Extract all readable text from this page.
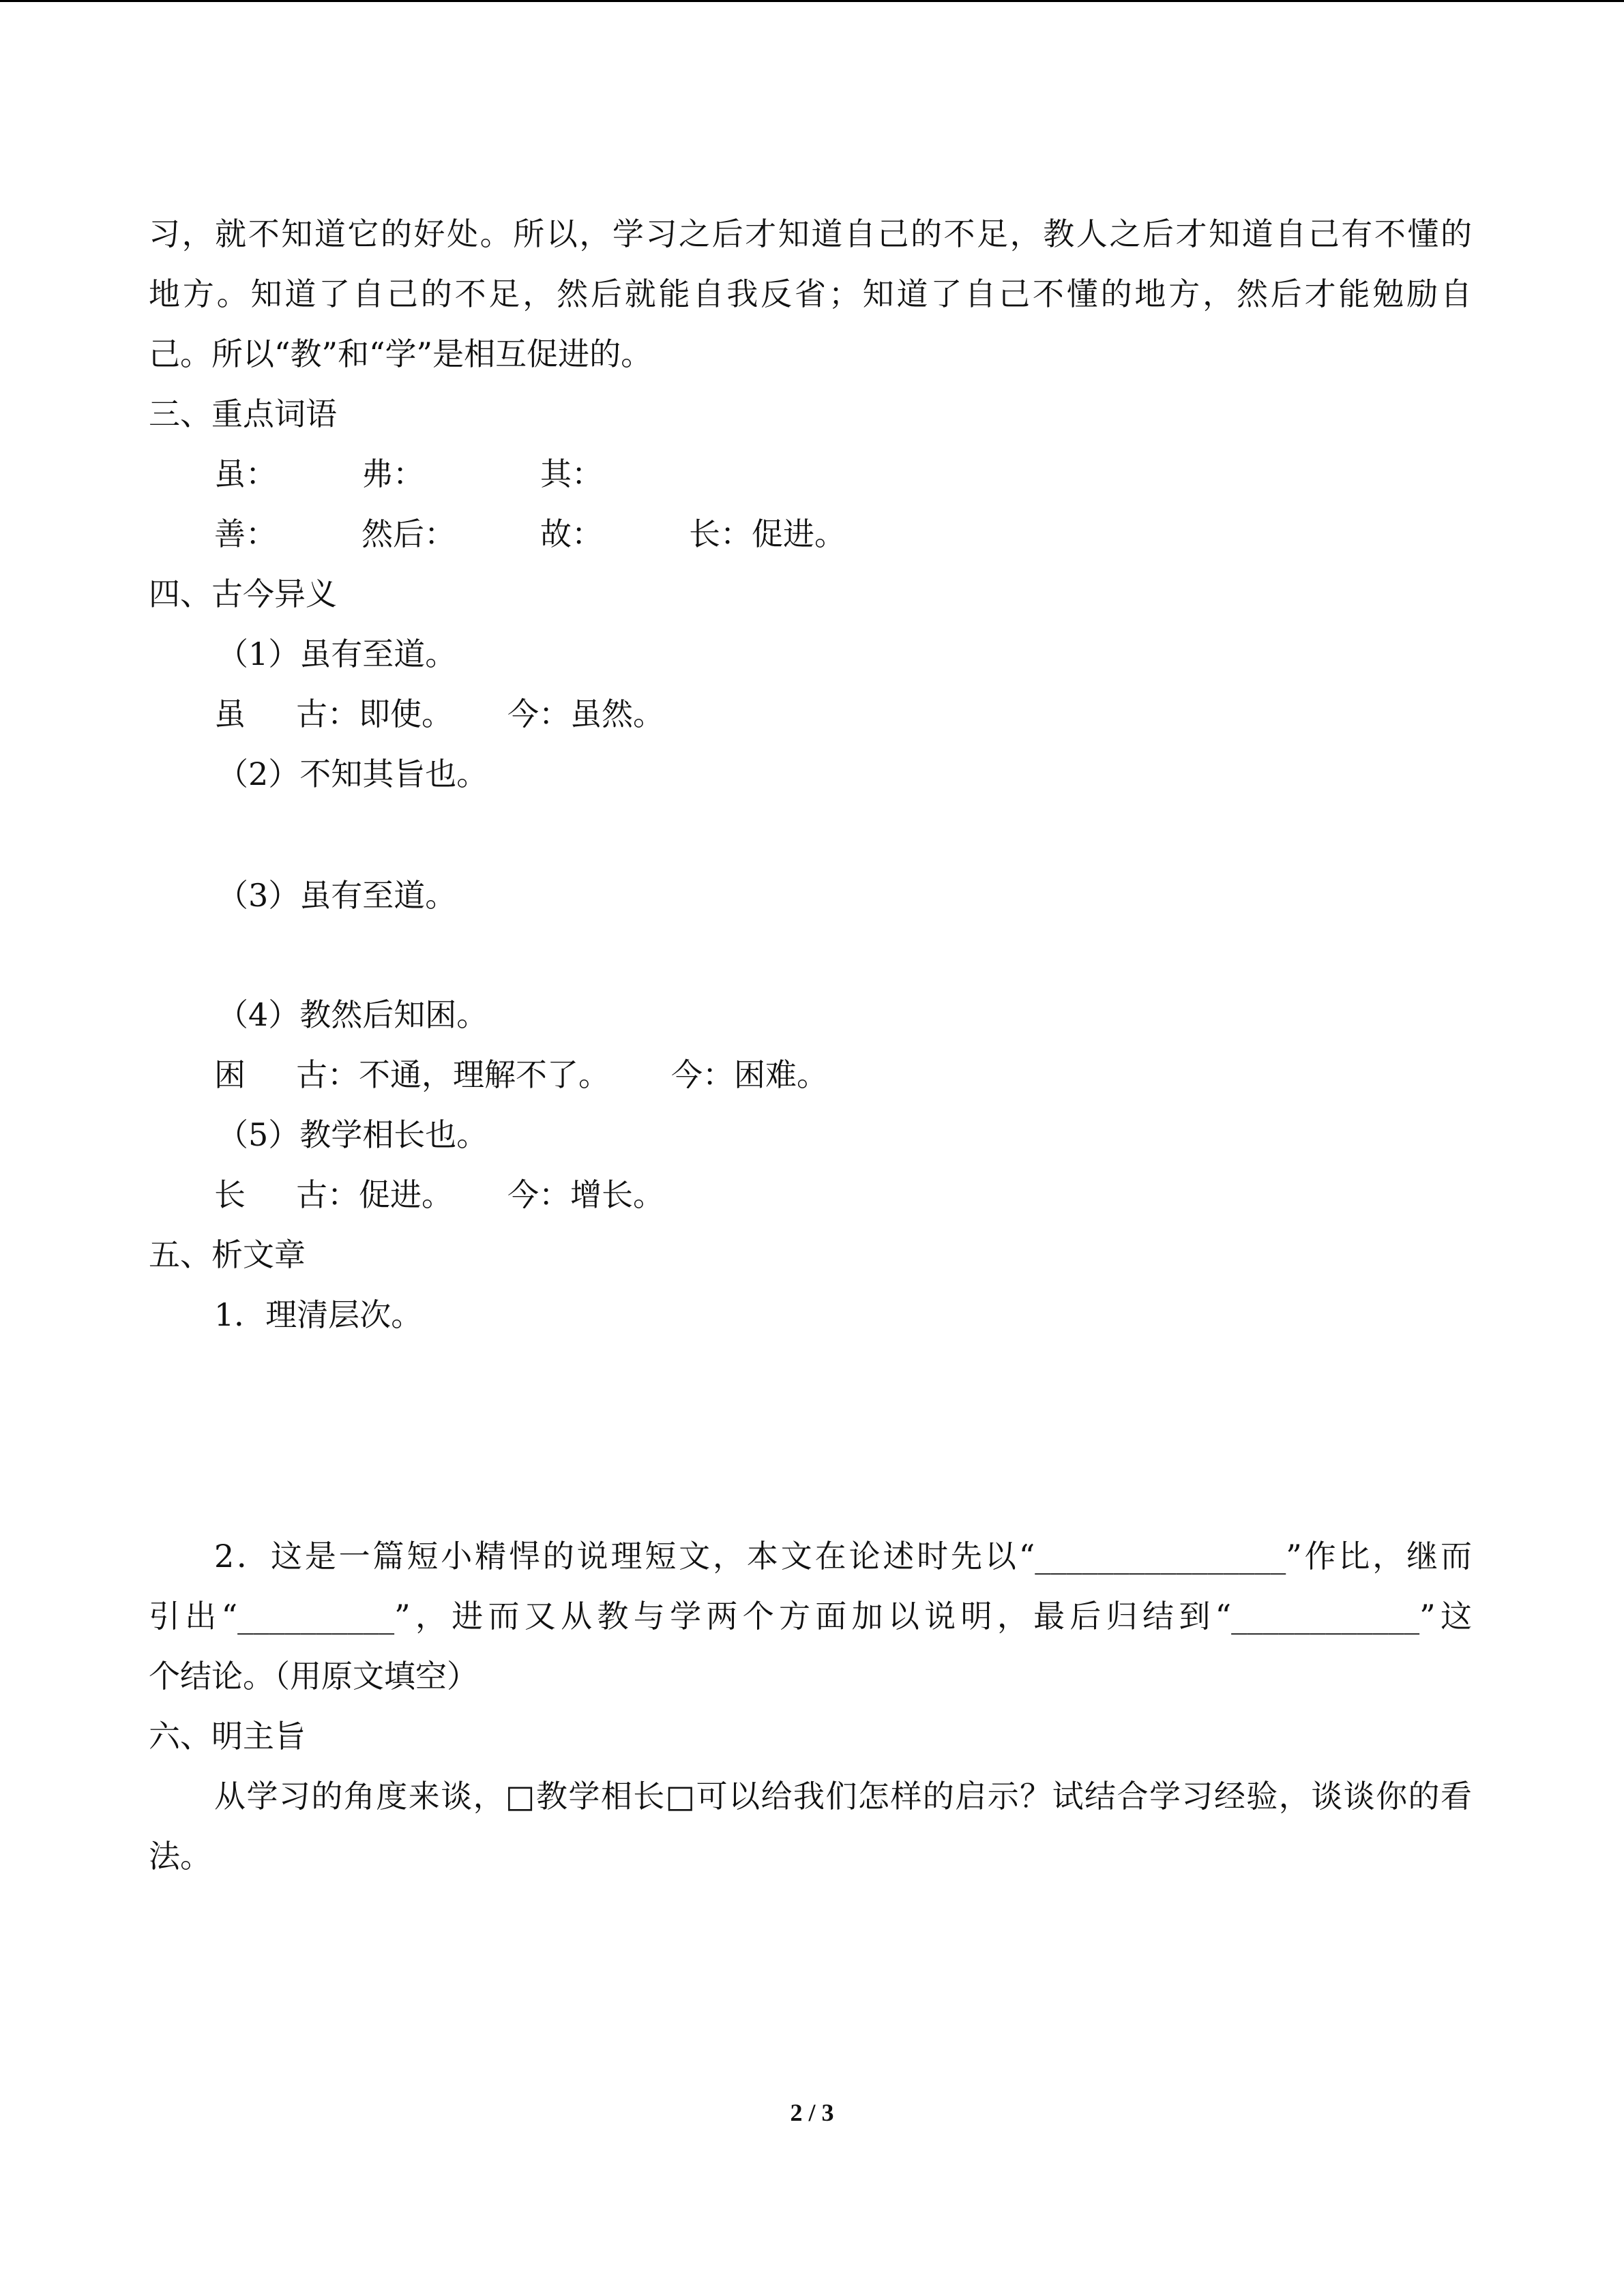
习，就不知道它的好处。所以，学习之后才知道自己的不足，教人之后才知道自己有不懂的
地方。知道了自己的不足，然后就能自我反省；知道了自己不懂的地方，然后才能勉励自
己。所以“教”和“学”是相互促进的。
三、重点词语
虽：	弗：	其：
善：	然后：	故：	长：促进。
四、古今异义
（1）虽有至道。
虽 古：即使。 今：虽然。
（2）不知其旨也。
（3）虽有至道。
（4）教然后知困。
困 古：不通，理解不了。 今：困难。
（5）教学相长也。
长 古：促进。 今：增长。
五、析文章
1．理清层次。
2．这是一篇短小精悍的说理短文，本文在论述时先以“________________”作比，继而
引出“__________”，进而又从教与学两个方面加以说明，最后归结到“____________”这
个结论。（用原文填空）
六、明主旨
从学习的角度来谈，□教学相长□可以给我们怎样的启示？试结合学习经验，谈谈你的看
法。
2 / 3
